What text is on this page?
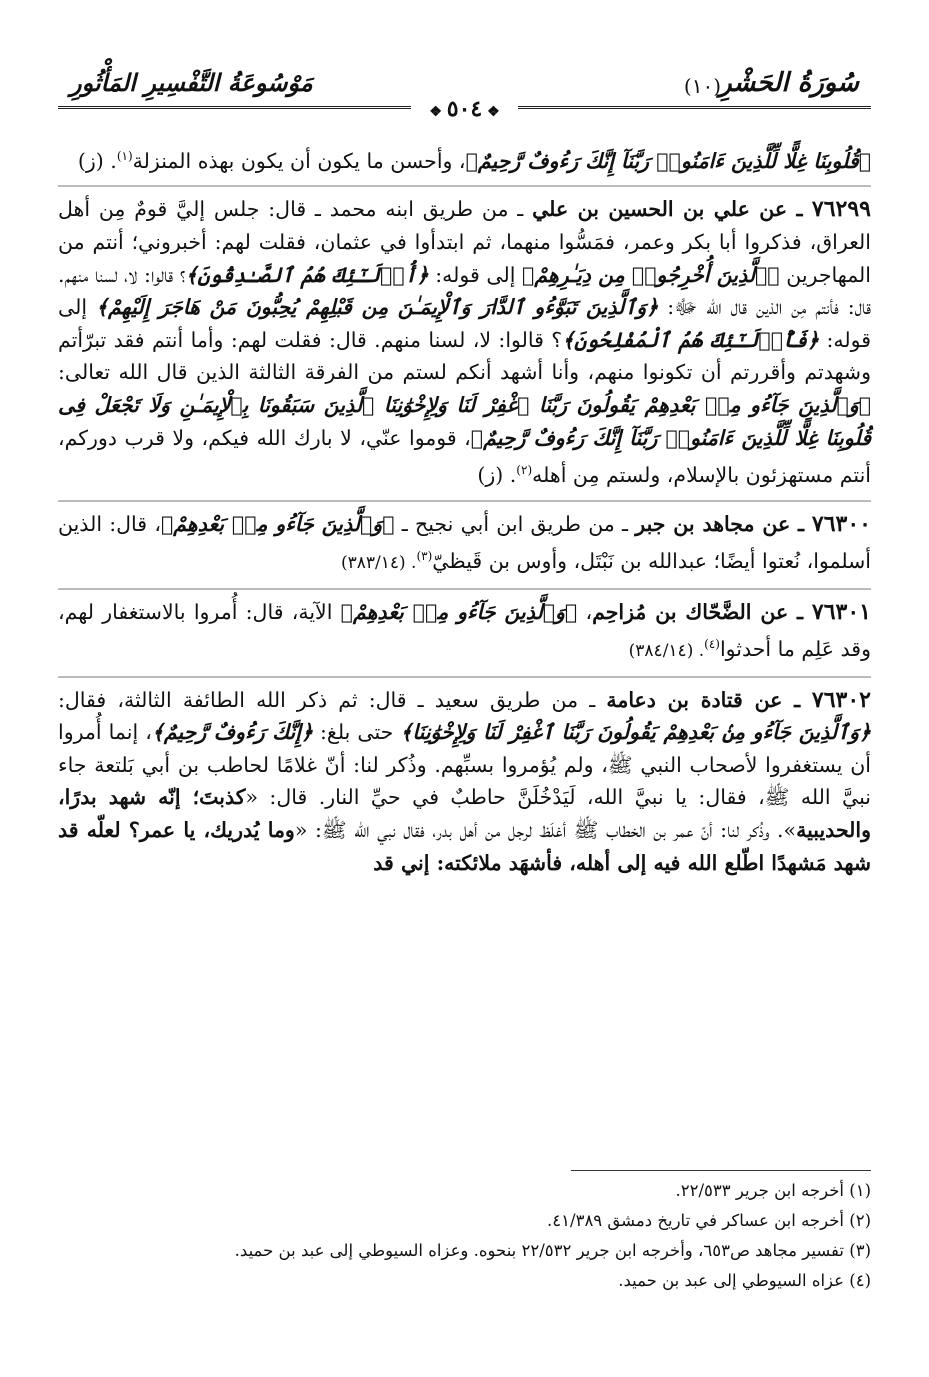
سُورَةُ الحَشْرِ
(١٠)
مَوْسُوعَةُ التَّفْسِيرِ المَأْثُورِ
❖ ٥٠٤ ❖

﴿قُلُوبِنَا غِلًّا لِّلَّذِينَ ءَامَنُوا۟ رَبَّنَآ إِنَّكَ رَءُوفٌ رَّحِيمٌ﴾، وأحسن ما يكون أن يكون بهذه المنزلة$^{(١)}$. (ز)

٧٦٢٩٩ ـ عن علي بن الحسين بن علي ـ من طريق ابنه محمد ـ قال: جلس إليَّ قومٌ مِن أهل العراق، فذكروا أبا بكر وعمر، فمَسُّوا منهما، ثم ابتدأوا في عثمان، فقلت لهم: أخبروني؛ أنتم من المهاجرين ﴿ٱلَّذِينَ أُخْرِجُوا۟ مِن دِيَـٰرِهِمْ﴾ إلى قوله: ﴿أُو۟لَـٰٓئِكَ هُمُ ٱلصَّـٰدِقُونَ﴾؟ قالوا: لا، لسنا منهم. قال: فأنتم مِن الذين قال الله ﷻ: ﴿وَٱلَّذِينَ تَبَوَّءُو ٱلدَّارَ وَٱلْإِيمَـٰنَ مِن قَبْلِهِمْ يُحِبُّونَ مَنْ هَاجَرَ إِلَيْهِمْ﴾ إلى قوله: ﴿فَأُو۟لَـٰٓئِكَ هُمُ ٱلْمُفْلِحُونَ﴾؟ قالوا: لا، لسنا منهم. قال: فقلت لهم: وأما أنتم فقد تبرّأتم وشهدتم وأقررتم أن تكونوا منهم، وأنا أشهد أنكم لستم من الفرقة الثالثة الذين قال الله تعالى: ﴿وَٱلَّذِينَ جَآءُو مِنۢ بَعْدِهِمْ يَقُولُونَ رَبَّنَا ٱغْفِرْ لَنَا وَلِإِخْوَٰنِنَا ٱلَّذِينَ سَبَقُونَا بِٱلْإِيمَـٰنِ وَلَا تَجْعَلْ فِى قُلُوبِنَا غِلًّا لِّلَّذِينَ ءَامَنُوا۟ رَبَّنَآ إِنَّكَ رَءُوفٌ رَّحِيمٌ﴾، قوموا عنّي، لا بارك الله فيكم، ولا قرب دوركم، أنتم مستهزئون بالإسلام، ولستم مِن أهله$^{(٢)}$. (ز)

٧٦٣٠٠ ـ عن مجاهد بن جبر ـ من طريق ابن أبي نجيح ـ ﴿وَٱلَّذِينَ جَآءُو مِنۢ بَعْدِهِمْ﴾، قال: الذين أسلموا، نُعتوا أيضًا؛ عبدالله بن نَبْتَل، وأوس بن قَيظيّ$^{(٣)}$. (٣٨٣/١٤)

٧٦٣٠١ ـ عن الضَّحّاك بن مُزاحِم، ﴿وَٱلَّذِينَ جَآءُو مِنۢ بَعْدِهِمْ﴾ الآية، قال: أُمروا بالاستغفار لهم، وقد عَلِم ما أحدثوا$^{(٤)}$. (٣٨٤/١٤)

٧٦٣٠٢ ـ عن قتادة بن دعامة ـ من طريق سعيد ـ قال: ثم ذكر الله الطائفة الثالثة، فقال: ﴿وَٱلَّذِينَ جَآءُو مِنۢ بَعْدِهِمْ يَقُولُونَ رَبَّنَا ٱغْفِرْ لَنَا وَلِإِخْوَٰنِنَا﴾ حتى بلغ: ﴿إِنَّكَ رَءُوفٌ رَّحِيمٌ﴾، إنما أُمروا أن يستغفروا لأصحاب النبي ﷺ، ولم يُؤمروا بسبِّهم. وذُكر لنا: أنّ غلامًا لحاطب بن أبي بَلتعة جاء نبيَّ الله ﷺ، فقال: يا نبيَّ الله، لَيَدْخُلَنَّ حاطبٌ في حيِّ النار. قال: «كذبتَ؛ إنّه شهد بدرًا، والحديبية». وذُكر لنا: أنّ عمر بن الخطاب ﷺ أغلَظ لرجل من أهل بدر، فقال نبي الله ﷺ: «وما يُدريك، يا عمر؟ لعلّه قد شهد مَشهدًا اطّلع الله فيه إلى أهله، فأشهَد ملائكته: إني قد

(١) أخرجه ابن جرير ٢٢/٥٣٣.

(٢) أخرجه ابن عساكر في تاريخ دمشق ٤١/٣٨٩.

(٣) تفسير مجاهد ص٦٥٣، وأخرجه ابن جرير ٢٢/٥٣٢ بنحوه. وعزاه السيوطي إلى عبد بن حميد.

(٤) عزاه السيوطي إلى عبد بن حميد.
